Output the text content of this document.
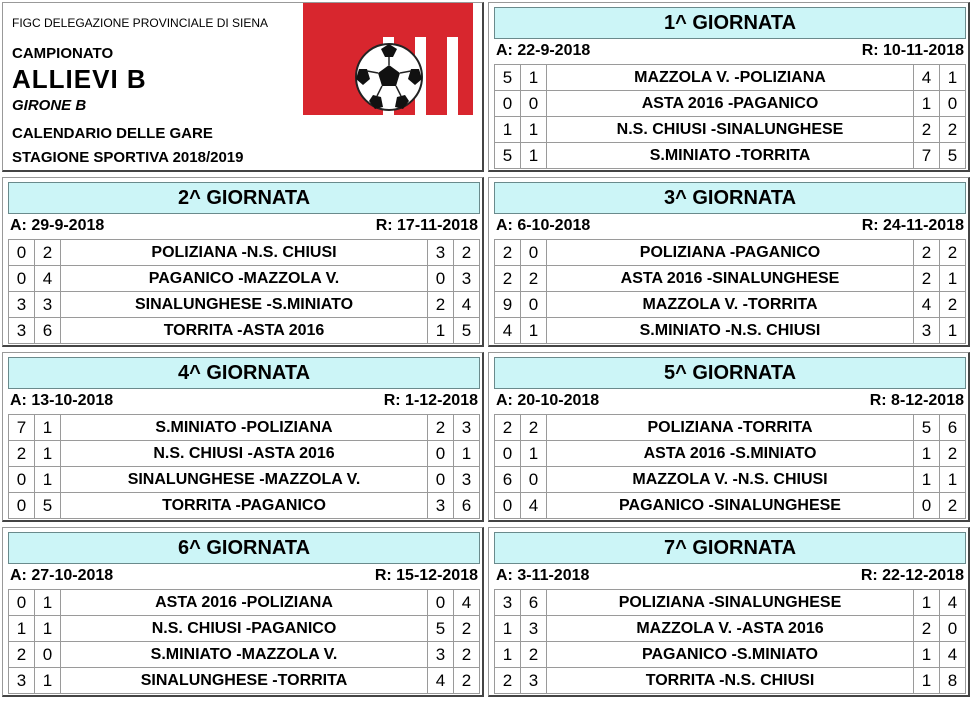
FIGC DELEGAZIONE PROVINCIALE DI SIENA
CAMPIONATO
ALLIEVI B
GIRONE B
CALENDARIO DELLE GARE
STAGIONE SPORTIVA 2018/2019
1^ GIORNATA
A: 22-9-2018	R: 10-11-2018
5	1	MAZZOLA V. -POLIZIANA	4	1
0	0	ASTA 2016 -PAGANICO	1	0
1	1	N.S. CHIUSI -SINALUNGHESE	2	2
5	1	S.MINIATO -TORRITA	7	5
2^ GIORNATA
A: 29-9-2018	R: 17-11-2018
0	2	POLIZIANA -N.S. CHIUSI	3	2
0	4	PAGANICO -MAZZOLA V.	0	3
3	3	SINALUNGHESE -S.MINIATO	2	4
3	6	TORRITA -ASTA 2016	1	5
3^ GIORNATA
A: 6-10-2018	R: 24-11-2018
2	0	POLIZIANA -PAGANICO	2	2
2	2	ASTA 2016 -SINALUNGHESE	2	1
9	0	MAZZOLA V. -TORRITA	4	2
4	1	S.MINIATO -N.S. CHIUSI	3	1
4^ GIORNATA
A: 13-10-2018	R: 1-12-2018
7	1	S.MINIATO -POLIZIANA	2	3
2	1	N.S. CHIUSI -ASTA 2016	0	1
0	1	SINALUNGHESE -MAZZOLA V.	0	3
0	5	TORRITA -PAGANICO	3	6
5^ GIORNATA
A: 20-10-2018	R: 8-12-2018
2	2	POLIZIANA -TORRITA	5	6
0	1	ASTA 2016 -S.MINIATO	1	2
6	0	MAZZOLA V. -N.S. CHIUSI	1	1
0	4	PAGANICO -SINALUNGHESE	0	2
6^ GIORNATA
A: 27-10-2018	R: 15-12-2018
0	1	ASTA 2016 -POLIZIANA	0	4
1	1	N.S. CHIUSI -PAGANICO	5	2
2	0	S.MINIATO -MAZZOLA V.	3	2
3	1	SINALUNGHESE -TORRITA	4	2
7^ GIORNATA
A: 3-11-2018	R: 22-12-2018
3	6	POLIZIANA -SINALUNGHESE	1	4
1	3	MAZZOLA V. -ASTA 2016	2	0
1	2	PAGANICO -S.MINIATO	1	4
2	3	TORRITA -N.S. CHIUSI	1	8
